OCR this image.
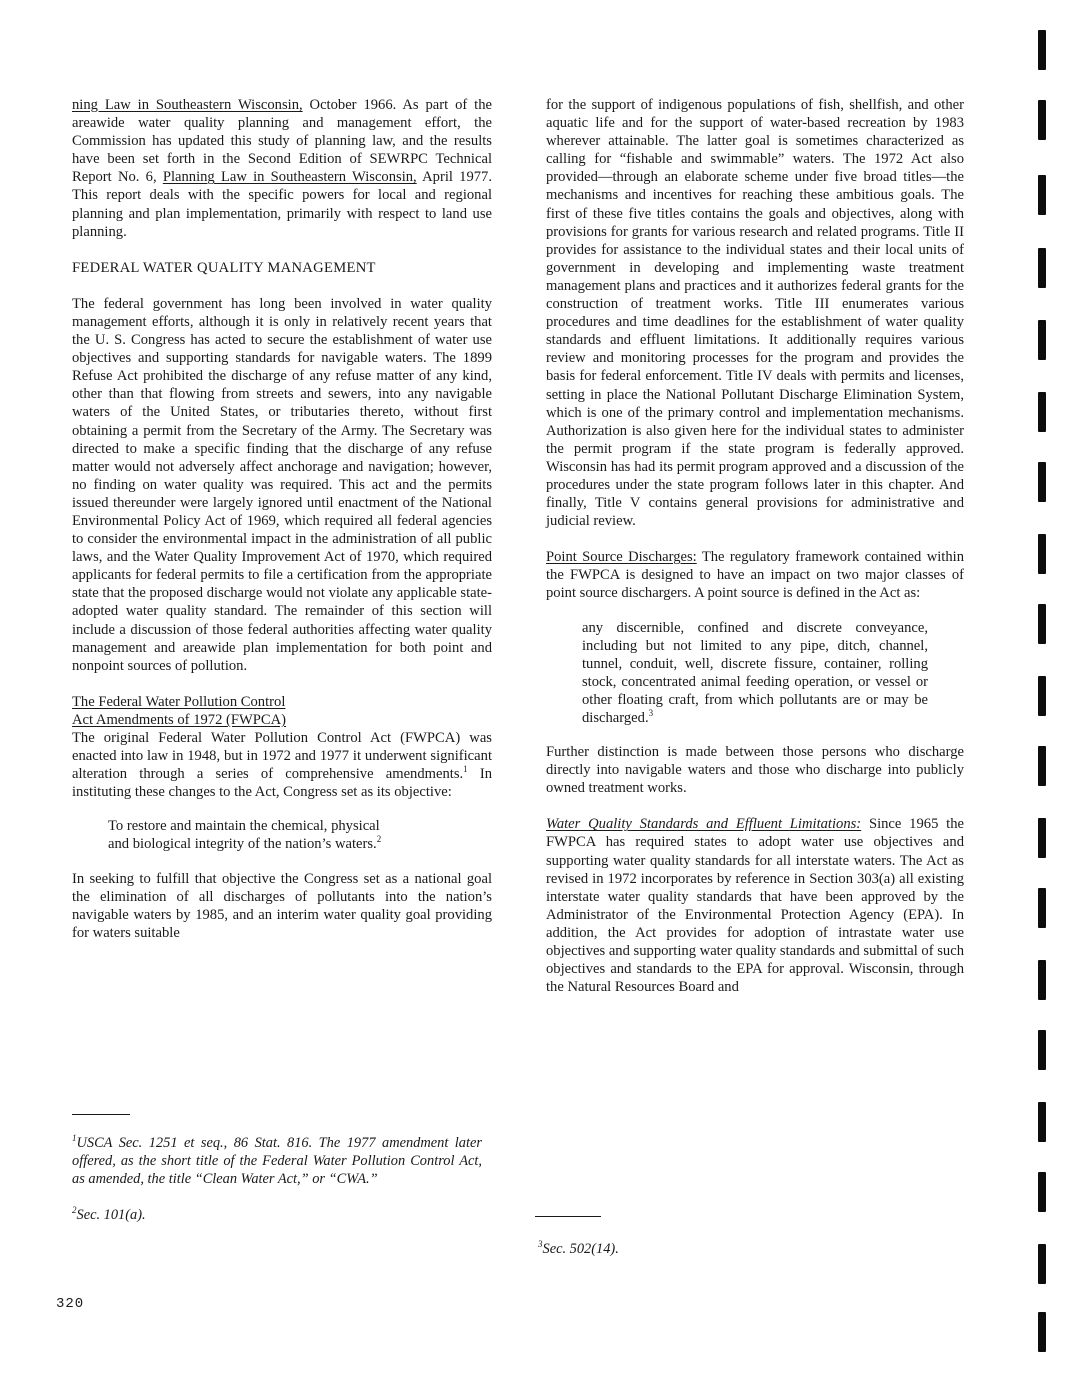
ning Law in Southeastern Wisconsin, October 1966. As part of the areawide water quality planning and management effort, the Commission has updated this study of planning law, and the results have been set forth in the Second Edition of SEWRPC Technical Report No. 6, Planning Law in Southeastern Wisconsin, April 1977. This report deals with the specific powers for local and regional planning and plan implementation, primarily with respect to land use planning.

FEDERAL WATER QUALITY MANAGEMENT

The federal government has long been involved in water quality management efforts, although it is only in relatively recent years that the U. S. Congress has acted to secure the establishment of water use objectives and supporting standards for navigable waters. The 1899 Refuse Act prohibited the discharge of any refuse matter of any kind, other than that flowing from streets and sewers, into any navigable waters of the United States, or tributaries thereto, without first obtaining a permit from the Secretary of the Army. The Secretary was directed to make a specific finding that the discharge of any refuse matter would not adversely affect anchorage and navigation; however, no finding on water quality was required. This act and the permits issued thereunder were largely ignored until enactment of the National Environmental Policy Act of 1969, which required all federal agencies to consider the environmental impact in the administration of all public laws, and the Water Quality Improvement Act of 1970, which required applicants for federal permits to file a certification from the appropriate state that the proposed discharge would not violate any applicable state-adopted water quality standard. The remainder of this section will include a discussion of those federal authorities affecting water quality management and areawide plan implementation for both point and nonpoint sources of pollution.

The Federal Water Pollution Control
Act Amendments of 1972 (FWPCA)

The original Federal Water Pollution Control Act (FWPCA) was enacted into law in 1948, but in 1972 and 1977 it underwent significant alteration through a series of comprehensive amendments.$^1$ In instituting these changes to the Act, Congress set as its objective:

To restore and maintain the chemical, physical
and biological integrity of the nation’s waters.$^2$

In seeking to fulfill that objective the Congress set as a national goal the elimination of all discharges of pollutants into the nation’s navigable waters by 1985, and an interim water quality goal providing for waters suitable

for the support of indigenous populations of fish, shellfish, and other aquatic life and for the support of water-based recreation by 1983 wherever attainable. The latter goal is sometimes characterized as calling for “fishable and swimmable” waters. The 1972 Act also provided—through an elaborate scheme under five broad titles—the mechanisms and incentives for reaching these ambitious goals. The first of these five titles contains the goals and objectives, along with provisions for grants for various research and related programs. Title II provides for assistance to the individual states and their local units of government in developing and implementing waste treatment management plans and practices and it authorizes federal grants for the construction of treatment works. Title III enumerates various procedures and time deadlines for the establishment of water quality standards and effluent limitations. It additionally requires various review and monitoring processes for the program and provides the basis for federal enforcement. Title IV deals with permits and licenses, setting in place the National Pollutant Discharge Elimination System, which is one of the primary control and implementation mechanisms. Authorization is also given here for the individual states to administer the permit program if the state program is federally approved. Wisconsin has had its permit program approved and a discussion of the procedures under the state program follows later in this chapter. And finally, Title V contains general provisions for administrative and judicial review.

Point Source Discharges: The regulatory framework contained within the FWPCA is designed to have an impact on two major classes of point source dischargers. A point source is defined in the Act as:

any discernible, confined and discrete conveyance, including but not limited to any pipe, ditch, channel, tunnel, conduit, well, discrete fissure, container, rolling stock, concentrated animal feeding operation, or vessel or other floating craft, from which pollutants are or may be discharged.$^3$

Further distinction is made between those persons who discharge directly into navigable waters and those who discharge into publicly owned treatment works.

Water Quality Standards and Effluent Limitations: Since 1965 the FWPCA has required states to adopt water use objectives and supporting water quality standards for all interstate waters. The Act as revised in 1972 incorporates by reference in Section 303(a) all existing interstate water quality standards that have been approved by the Administrator of the Environmental Protection Agency (EPA). In addition, the Act provides for adoption of intrastate water use objectives and supporting water quality standards and submittal of such objectives and standards to the EPA for approval. Wisconsin, through the Natural Resources Board and

$^1$USCA Sec. 1251 et seq., 86 Stat. 816. The 1977 amendment later offered, as the short title of the Federal Water Pollution Control Act, as amended, the title “Clean Water Act,” or “CWA.”

$^2$Sec. 101(a).

$^3$Sec. 502(14).

320
